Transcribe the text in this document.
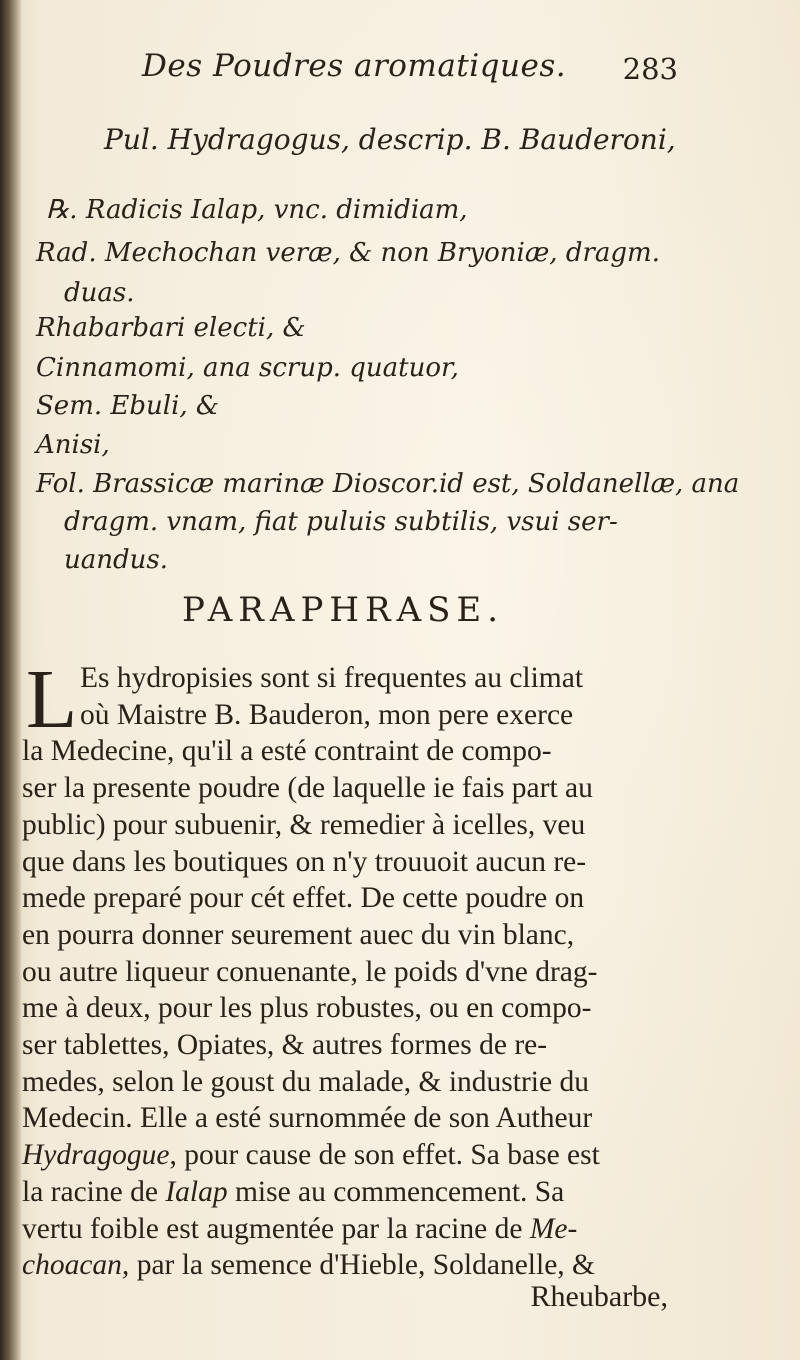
Des Poudres aromatiques. 283
Pul. Hydragogus, descrip. B. Bauderoni,
℞. Radicis Ialap, vnc. dimidiam,
Rad. Mechochan veræ, & non Bryoniæ, dragm.
duas.
Rhabarbari electi, &
Cinnamomi, ana scrup. quatuor,
Sem. Ebuli, &
Anisi,
Fol. Brassicæ marinæ Dioscor.id est, Soldanellæ, ana
dragm. vnam, fiat puluis subtilis, vsui ser-
uandus.
PARAPHRASE.
L Es hydropisies sont si frequentes au climat
où Maistre B. Bauderon, mon pere exerce
la Medecine, qu'il a esté contraint de compo-
ser la presente poudre (de laquelle ie fais part au
public) pour subuenir, & remedier à icelles, veu
que dans les boutiques on n'y trouuoit aucun re-
mede preparé pour cét effet. De cette poudre on
en pourra donner seurement auec du vin blanc,
ou autre liqueur conuenante, le poids d'vne drag-
me à deux, pour les plus robustes, ou en compo-
ser tablettes, Opiates, & autres formes de re-
medes, selon le goust du malade, & industrie du
Medecin. Elle a esté surnommée de son Autheur
Hydragogue, pour cause de son effet. Sa base est
la racine de Ialap mise au commencement. Sa
vertu foible est augmentée par la racine de Me-
choacan, par la semence d'Hieble, Soldanelle, &
Rheubarbe,
